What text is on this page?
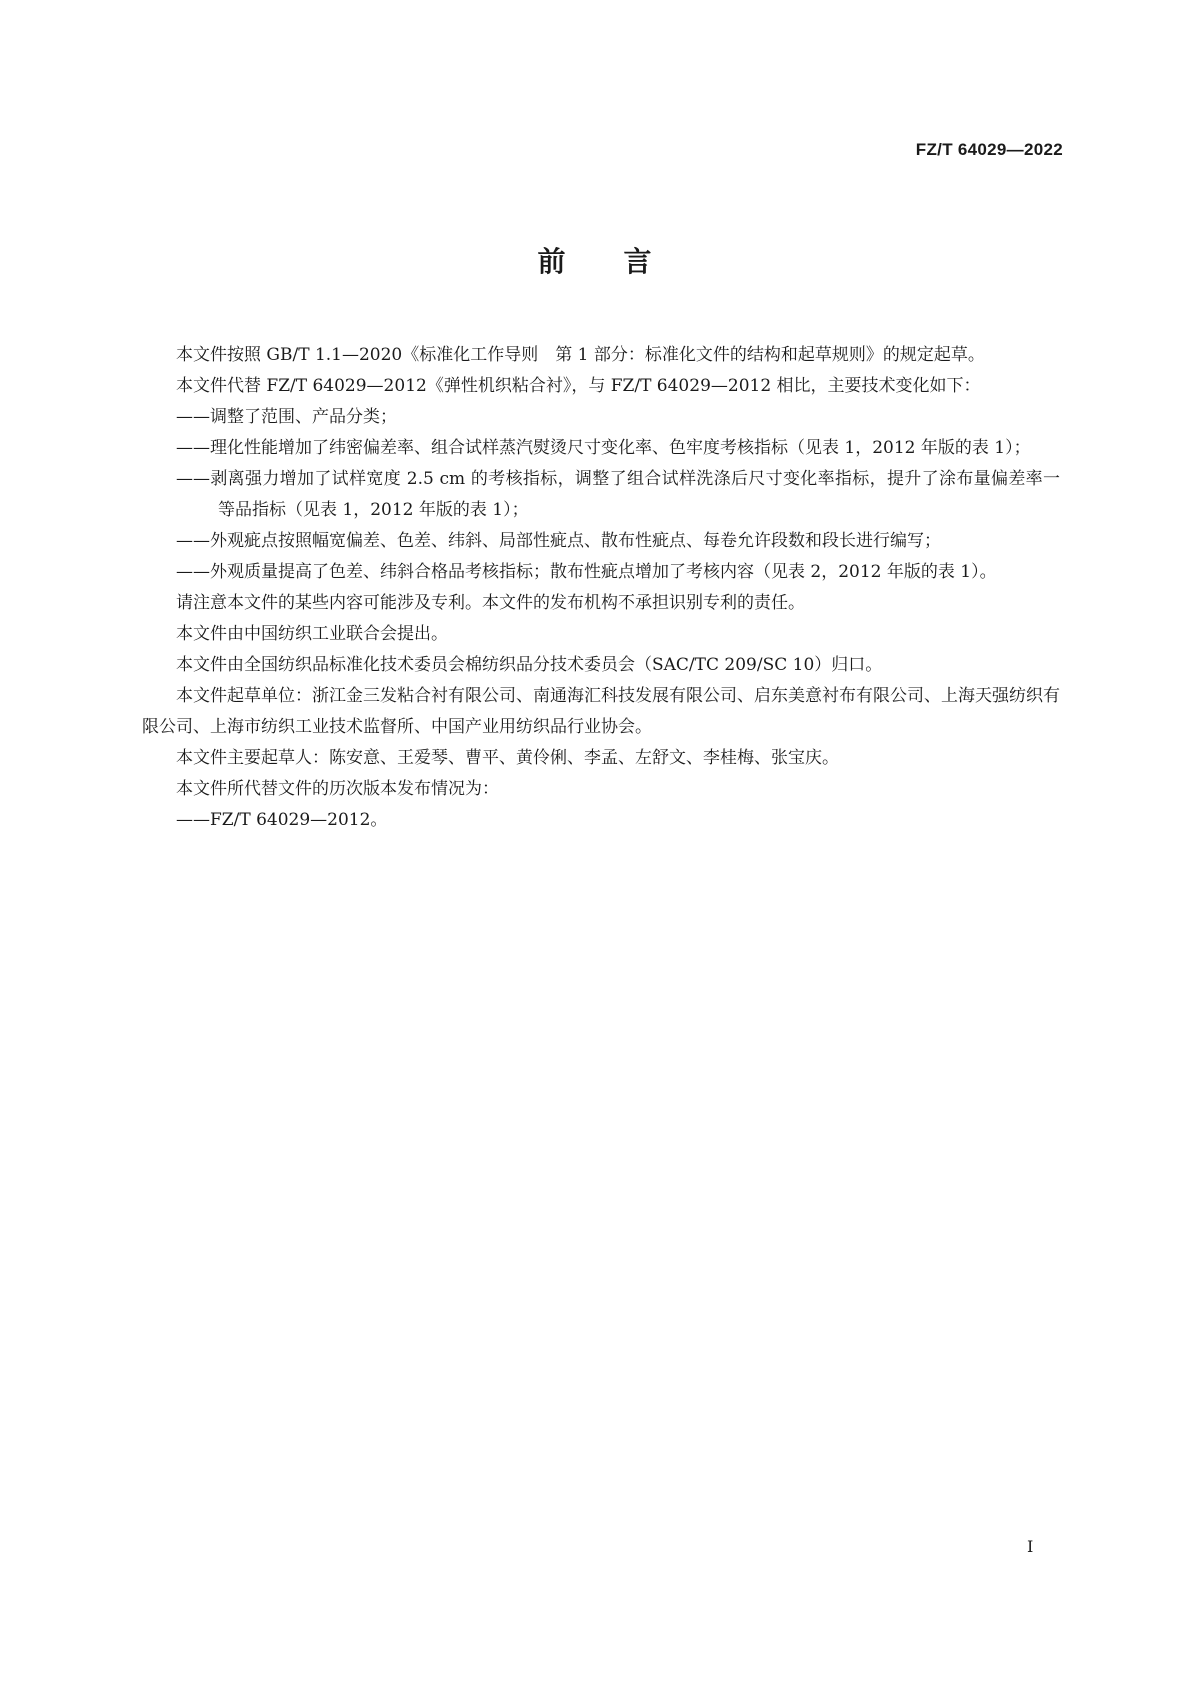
FZ/T 64029—2022
前 言

本文件按照 GB/T 1.1—2020《标准化工作导则　第 1 部分：标准化文件的结构和起草规则》的规定起草。

本文件代替 FZ/T 64029—2012《弹性机织粘合衬》，与 FZ/T 64029—2012 相比，主要技术变化如下：

——调整了范围、产品分类；

——理化性能增加了纬密偏差率、组合试样蒸汽熨烫尺寸变化率、色牢度考核指标（见表 1，2012 年版的表 1）；

——剥离强力增加了试样宽度 2.5 cm 的考核指标，调整了组合试样洗涤后尺寸变化率指标，提升了涂布量偏差率一等品指标（见表 1，2012 年版的表 1）；

——外观疵点按照幅宽偏差、色差、纬斜、局部性疵点、散布性疵点、每卷允许段数和段长进行编写；

——外观质量提高了色差、纬斜合格品考核指标；散布性疵点增加了考核内容（见表 2，2012 年版的表 1）。

请注意本文件的某些内容可能涉及专利。本文件的发布机构不承担识别专利的责任。

本文件由中国纺织工业联合会提出。

本文件由全国纺织品标准化技术委员会棉纺织品分技术委员会（SAC/TC 209/SC 10）归口。

本文件起草单位：浙江金三发粘合衬有限公司、南通海汇科技发展有限公司、启东美意衬布有限公司、上海天强纺织有限公司、上海市纺织工业技术监督所、中国产业用纺织品行业协会。

本文件主要起草人：陈安意、王爱琴、曹平、黄伶俐、李孟、左舒文、李桂梅、张宝庆。

本文件所代替文件的历次版本发布情况为：

——FZ/T 64029—2012。

I
